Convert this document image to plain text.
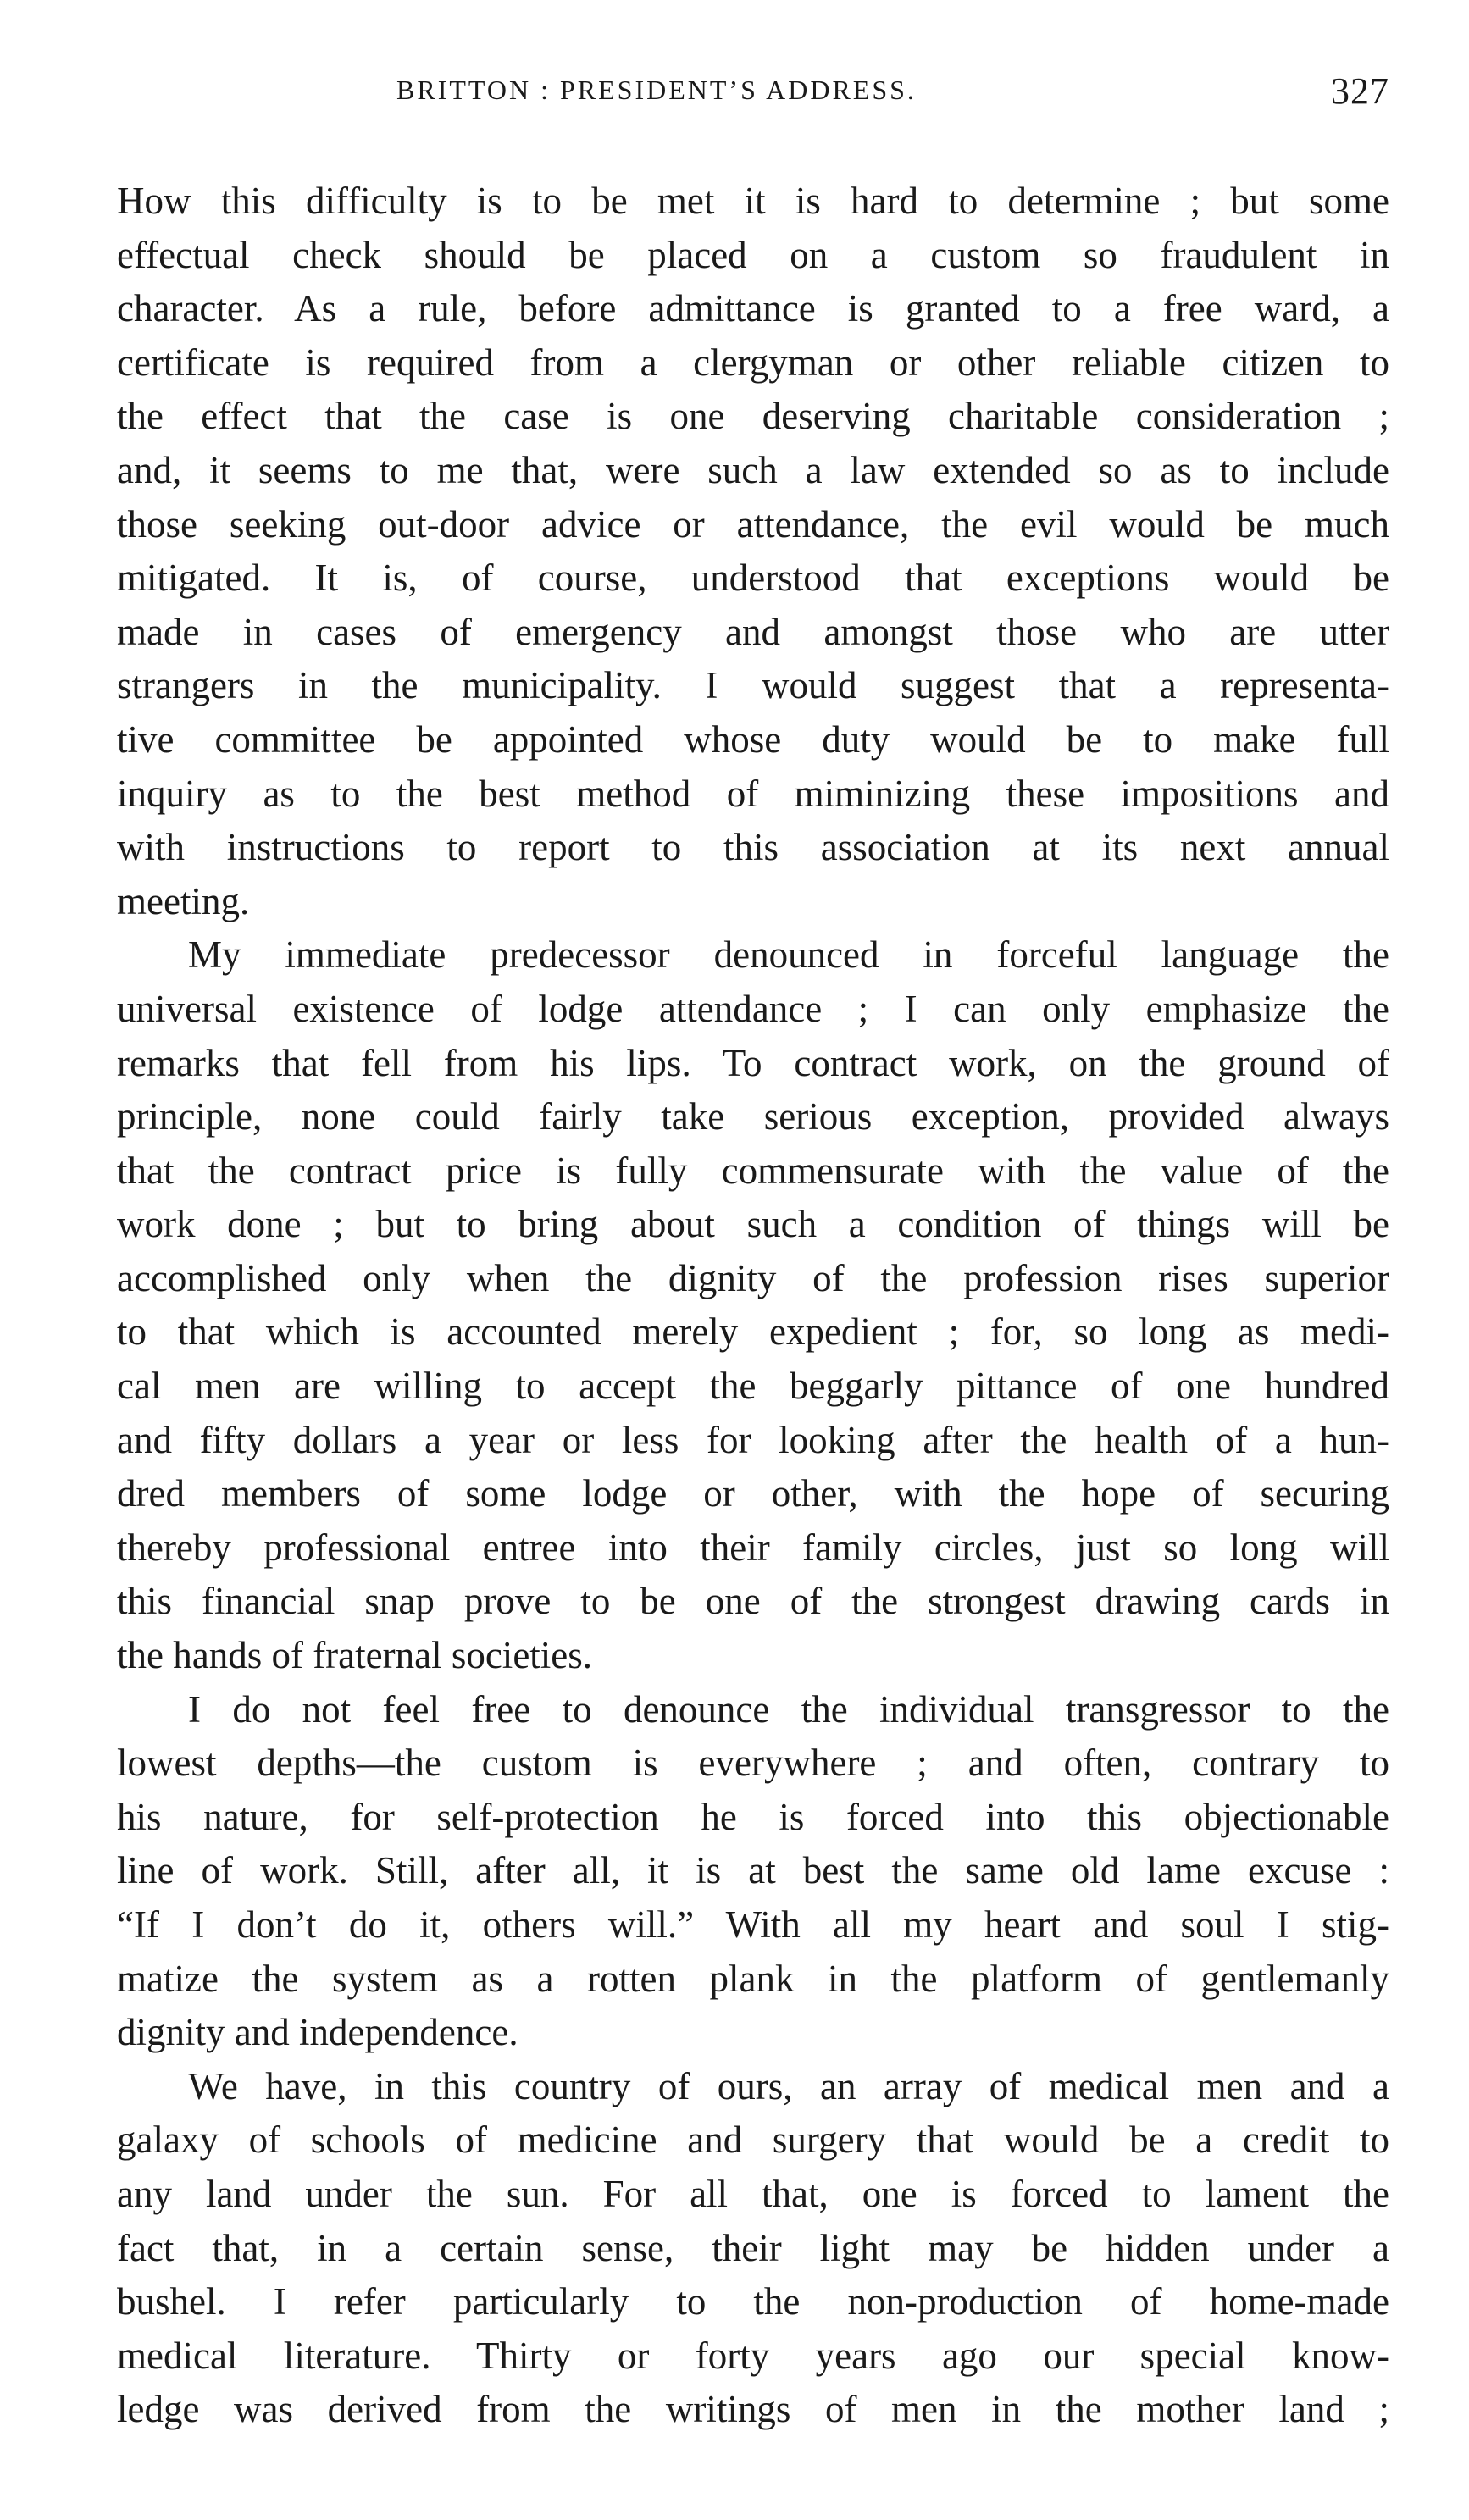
BRITTON : PRESIDENT’S ADDRESS.	327

How this difficulty is to be met it is hard to determine ; but some
effectual check should be placed on a custom so fraudulent in
character. As a rule, before admittance is granted to a free ward, a
certificate is required from a clergyman or other reliable citizen to
the effect that the case is one deserving charitable consideration ;
and, it seems to me that, were such a law extended so as to include
those seeking out-door advice or attendance, the evil would be much
mitigated. It is, of course, understood that exceptions would be
made in cases of emergency and amongst those who are utter
strangers in the municipality. I would suggest that a representa-
tive committee be appointed whose duty would be to make full
inquiry as to the best method of miminizing these impositions and
with instructions to report to this association at its next annual
meeting.

My immediate predecessor denounced in forceful language the
universal existence of lodge attendance ; I can only emphasize the
remarks that fell from his lips. To contract work, on the ground of
principle, none could fairly take serious exception, provided always
that the contract price is fully commensurate with the value of the
work done ; but to bring about such a condition of things will be
accomplished only when the dignity of the profession rises superior
to that which is accounted merely expedient ; for, so long as medi-
cal men are willing to accept the beggarly pittance of one hundred
and fifty dollars a year or less for looking after the health of a hun-
dred members of some lodge or other, with the hope of securing
thereby professional entree into their family circles, just so long will
this financial snap prove to be one of the strongest drawing cards in
the hands of fraternal societies.

I do not feel free to denounce the individual transgressor to the
lowest depths—the custom is everywhere ; and often, contrary to
his nature, for self-protection he is forced into this objectionable
line of work. Still, after all, it is at best the same old lame excuse :
“If I don’t do it, others will.” With all my heart and soul I stig-
matize the system as a rotten plank in the platform of gentlemanly
dignity and independence.

We have, in this country of ours, an array of medical men and a
galaxy of schools of medicine and surgery that would be a credit to
any land under the sun. For all that, one is forced to lament the
fact that, in a certain sense, their light may be hidden under a
bushel. I refer particularly to the non-production of home-made
medical literature. Thirty or forty years ago our special know-
ledge was derived from the writings of men in the mother land ;
